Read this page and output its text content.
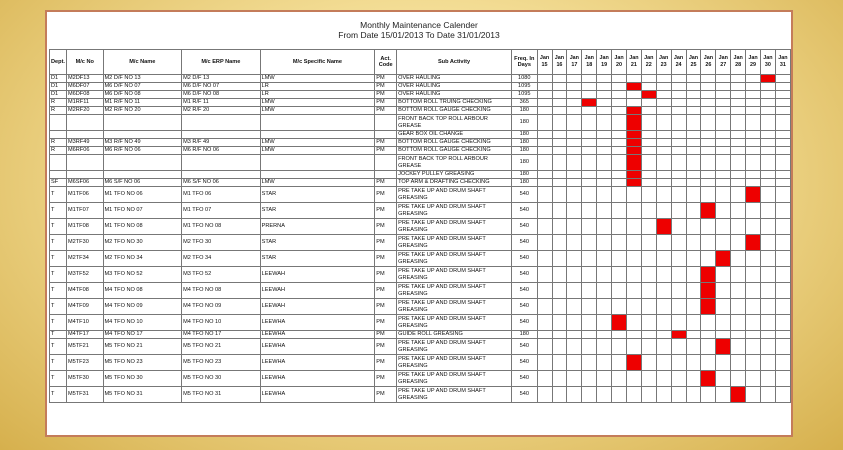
Monthly Maintenance Calender
From Date 15/01/2013 To Date 31/01/2013
Dept.	M/c No	M/c Name	M/c ERP Name	M/c Specific Name	Act. Code	Sub Activity	Freq. In Days	Jan 15	Jan 16	Jan 17	Jan 18	Jan 19	Jan 20	Jan 21	Jan 22	Jan 23	Jan 24	Jan 25	Jan 26	Jan 27	Jan 28	Jan 29	Jan 30	Jan 31
D1	M2DF13	M2 D/F NO 13	M2 D/F 13	LMW	PM	OVER HAULING	1080																	
D1	M6DF07	M6 D/F NO 07	M6 D/F NO 07	LR	PM	OVER HAULING	1095																	
D1	M6DF08	M6 D/F NO 08	M6 D/F NO 08	LR	PM	OVER HAULING	1095																	
R	M1RF11	M1 R/F NO 11	M1 R/F 11	LMW	PM	BOTTOM ROLL TRUING CHECKING	365																	
R	M2RF20	M2 R/F NO 20	M2 R/F 20	LMW	PM	BOTTOM ROLL GAUGE CHECKING	180																	
						FRONT BACK TOP ROLL ARBOUR GREASE	180																	
						GEAR BOX OIL CHANGE	180																	
R	M3RF49	M3 R/F NO 49	M3 R/F 49	LMW	PM	BOTTOM ROLL GAUGE CHECKING	180																	
R	M6RF06	M6 R/F NO 06	M6 R/F NO 06	LMW	PM	BOTTOM ROLL GAUGE CHECKING	180																	
						FRONT BACK TOP ROLL ARBOUR GREASE	180																	
						JOCKEY PULLEY GREASING	180																	
SF	M6SF06	M6 S/F NO 06	M6 S/F NO 06	LMW	PM	TOP ARM & DRAFTING CHECKING	180																	
T	M1TF06	M1 TFO NO 06	M1 TFO 06	STAR	PM	PRE TAKE UP AND DRUM SHAFT GREASING	540																	
T	M1TF07	M1 TFO NO 07	M1 TFO 07	STAR	PM	PRE TAKE UP AND DRUM SHAFT GREASING	540																	
T	M1TF08	M1 TFO NO 08	M1 TFO NO 08	PRERNA	PM	PRE TAKE UP AND DRUM SHAFT GREASING	540																	
T	M2TF30	M2 TFO NO 30	M2 TFO 30	STAR	PM	PRE TAKE UP AND DRUM SHAFT GREASING	540																	
T	M2TF34	M2 TFO NO 34	M2 TFO 34	STAR	PM	PRE TAKE UP AND DRUM SHAFT GREASING	540																	
T	M3TF52	M3 TFO NO 52	M3 TFO 52	LEEWAH	PM	PRE TAKE UP AND DRUM SHAFT GREASING	540																	
T	M4TF08	M4 TFO NO 08	M4 TFO NO 08	LEEWAH	PM	PRE TAKE UP AND DRUM SHAFT GREASING	540																	
T	M4TF09	M4 TFO NO 09	M4 TFO NO 09	LEEWAH	PM	PRE TAKE UP AND DRUM SHAFT GREASING	540																	
T	M4TF10	M4 TFO NO 10	M4 TFO NO 10	LEEWHA	PM	PRE TAKE UP AND DRUM SHAFT GREASING	540																	
T	M4TF17	M4 TFO NO 17	M4 TFO NO 17	LEEWHA	PM	GUIDE ROLL GREASING	180																	
T	M5TF21	M5 TFO NO 21	M5 TFO NO 21	LEEWHA	PM	PRE TAKE UP AND DRUM SHAFT GREASING	540																	
T	M5TF23	M5 TFO NO 23	M5 TFO NO 23	LEEWHA	PM	PRE TAKE UP AND DRUM SHAFT GREASING	540																	
T	M5TF30	M5 TFO NO 30	M5 TFO NO 30	LEEWHA	PM	PRE TAKE UP AND DRUM SHAFT GREASING	540																	
T	M5TF31	M5 TFO NO 31	M5 TFO NO 31	LEEWHA	PM	PRE TAKE UP AND DRUM SHAFT GREASING	540																	
